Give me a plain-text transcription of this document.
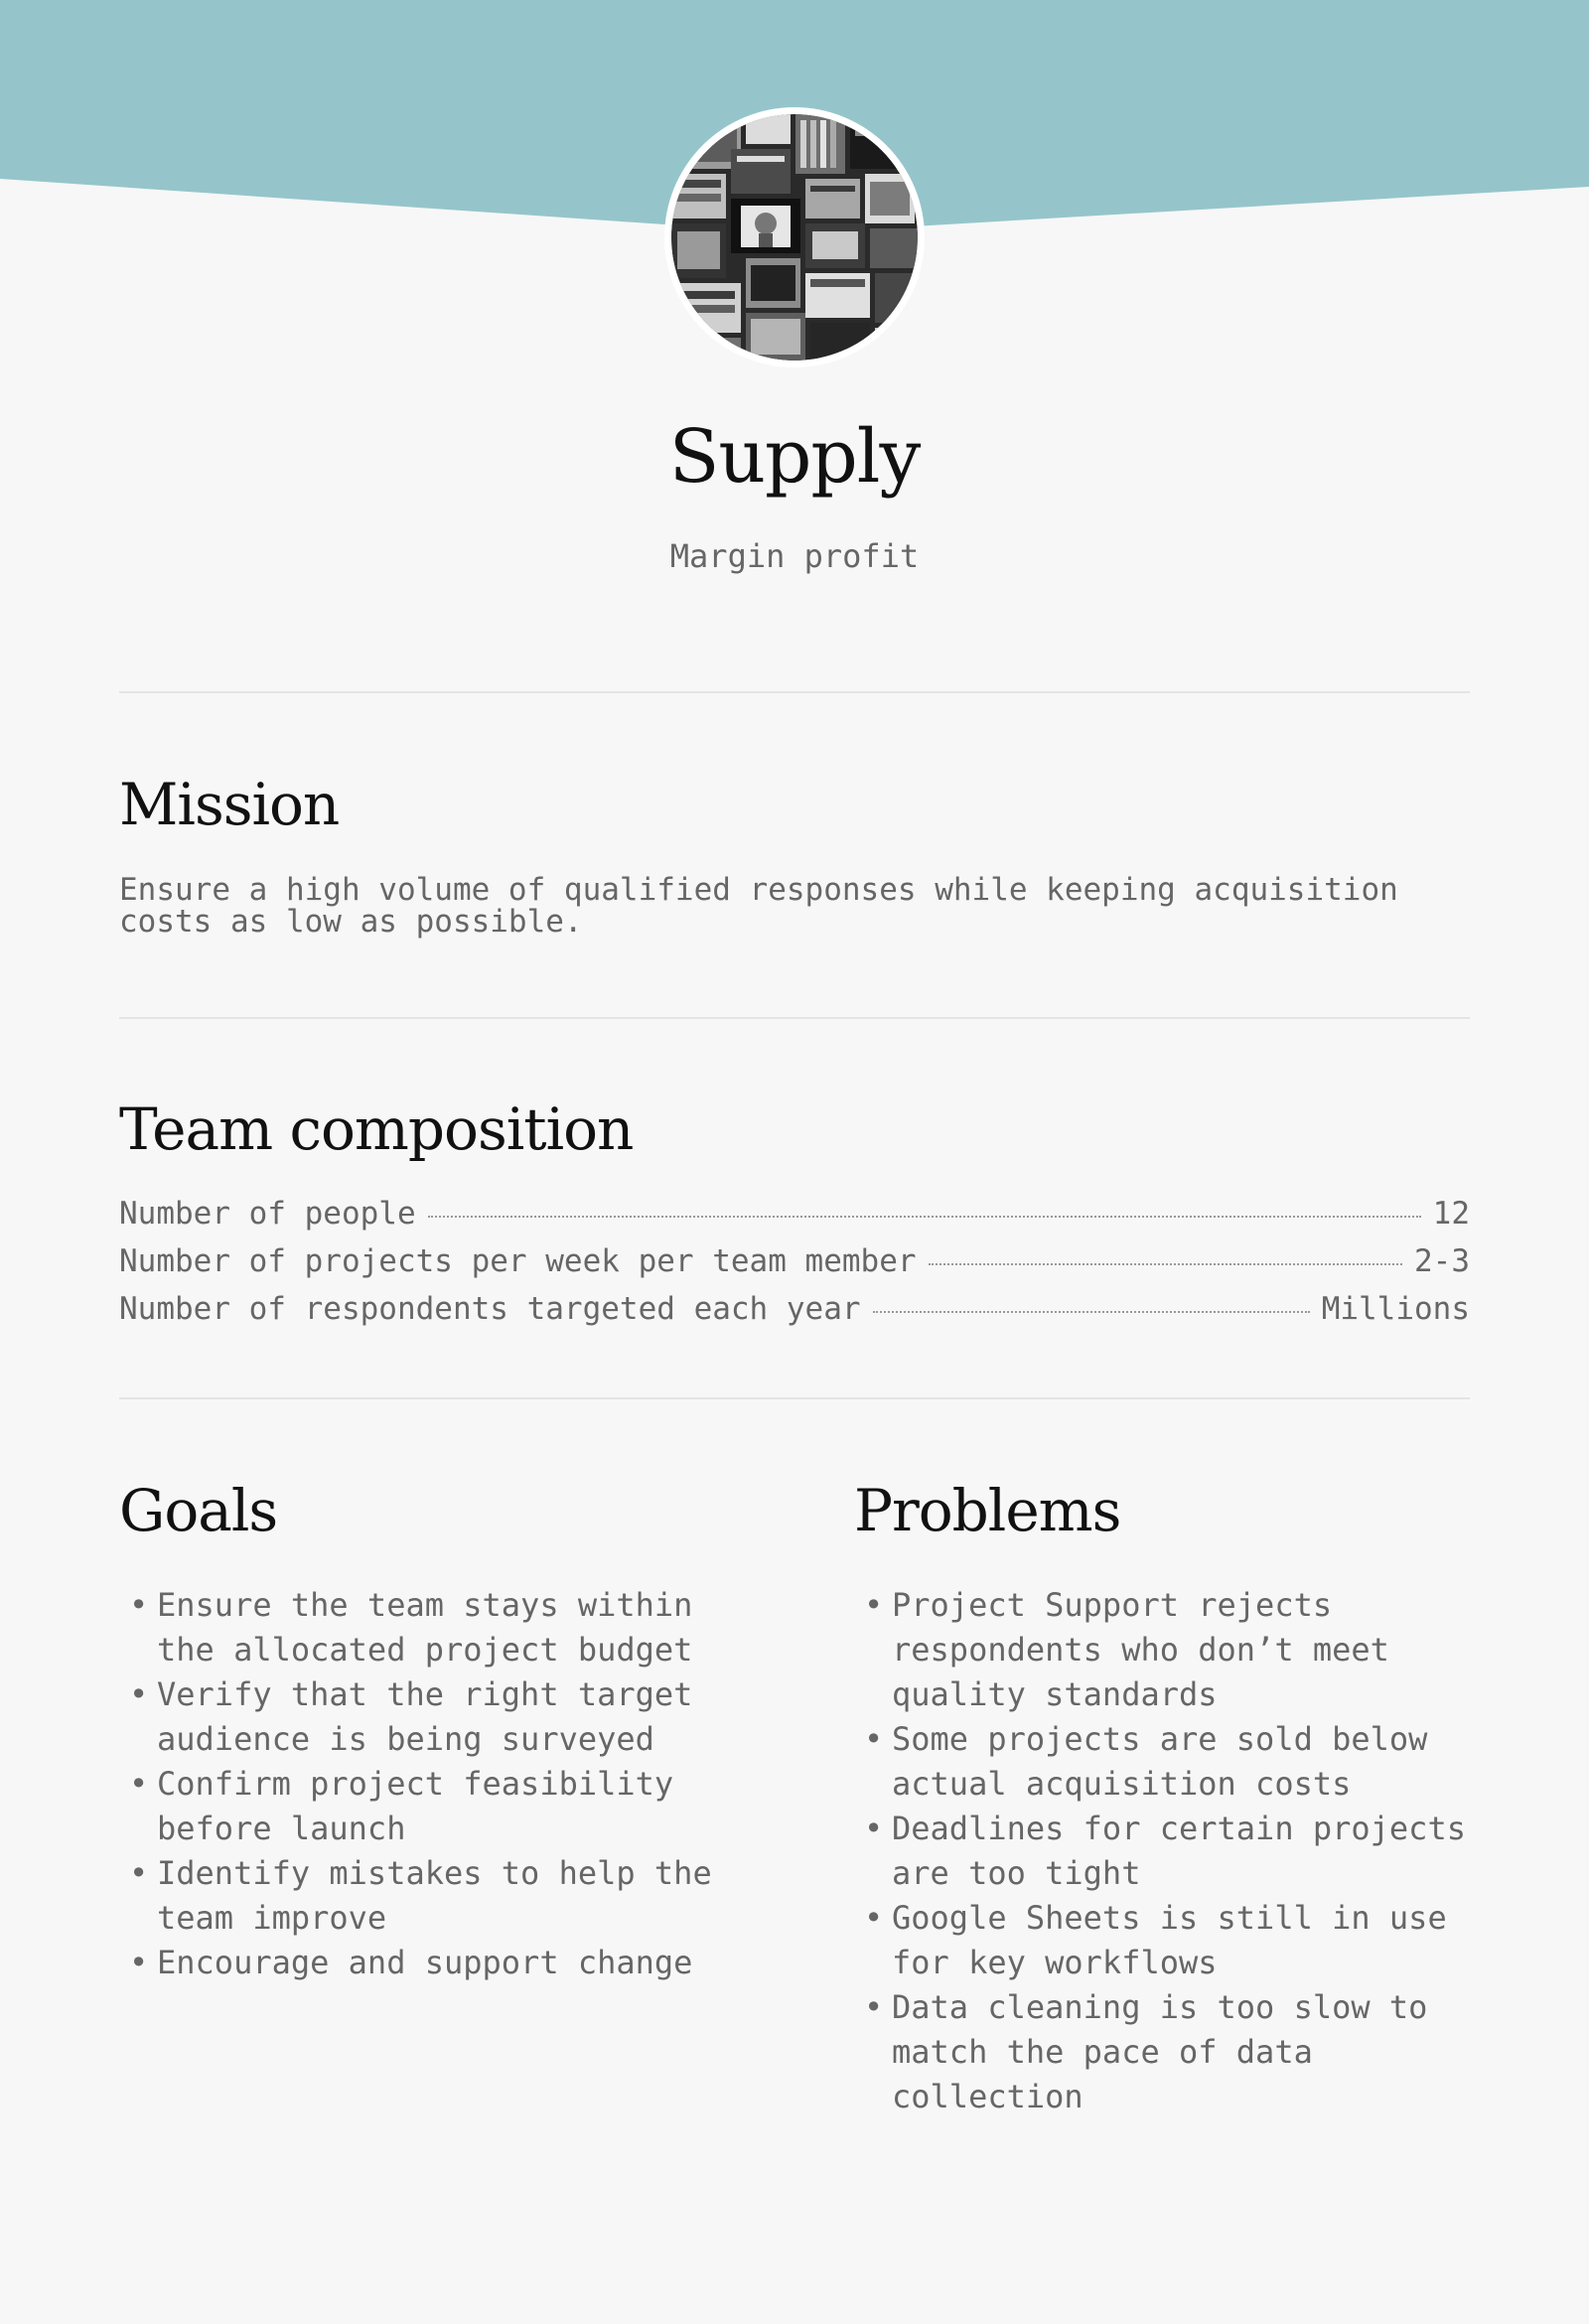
Supply
Margin profit
Mission
Ensure a high volume of qualified responses while keeping acquisition costs as low as possible.
Team composition
Number of people	12
Number of projects per week per team member	2-3
Number of respondents targeted each year	Millions
Goals
• Ensure the team stays within the allocated project budget
• Verify that the right target audience is being surveyed
• Confirm project feasibility before launch
• Identify mistakes to help the team improve
• Encourage and support change
Problems
• Project Support rejects respondents who don’t meet quality standards
• Some projects are sold below actual acquisition costs
• Deadlines for certain projects are too tight
• Google Sheets is still in use for key workflows
• Data cleaning is too slow to match the pace of data collection
